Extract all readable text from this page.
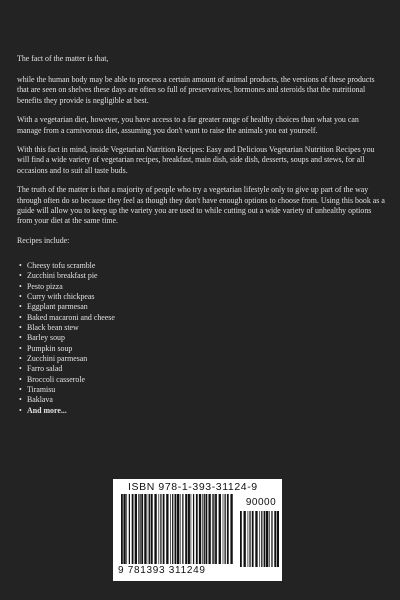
The fact of the matter is that,

while the human body may be able to process a certain amount of animal products, the versions of these products that are seen on shelves these days are often so full of preservatives, hormones and steroids that the nutritional benefits they provide is negligible at best.

With a vegetarian diet, however, you have access to a far greater range of healthy choices than what you can manage from a carnivorous diet, assuming you don't want to raise the animals you eat yourself.

With this fact in mind, inside Vegetarian Nutrition Recipes: Easy and Delicious Vegetarian Nutrition Recipes you will find a wide variety of vegetarian recipes, breakfast, main dish, side dish, desserts, soups and stews, for all occasions and to suit all taste buds.

The truth of the matter is that a majority of people who try a vegetarian lifestyle only to give up part of the way through often do so because they feel as though they don't have enough options to choose from. Using this book as a guide will allow you to keep up the variety you are used to while cutting out a wide variety of unhealthy options from your diet at the same time.

Recipes include:

• Cheesy tofu scramble
• Zucchini breakfast pie
• Pesto pizza
• Curry with chickpeas
• Eggplant parmesan
• Baked macaroni and cheese
• Black bean stew
• Barley soup
• Pumpkin soup
• Zucchini parmesan
• Farro salad
• Broccoli casserole
• Tiramisu
• Baklava
• And more...
ISBN 978-1-393-31124-9
90000
9 781393 311249
